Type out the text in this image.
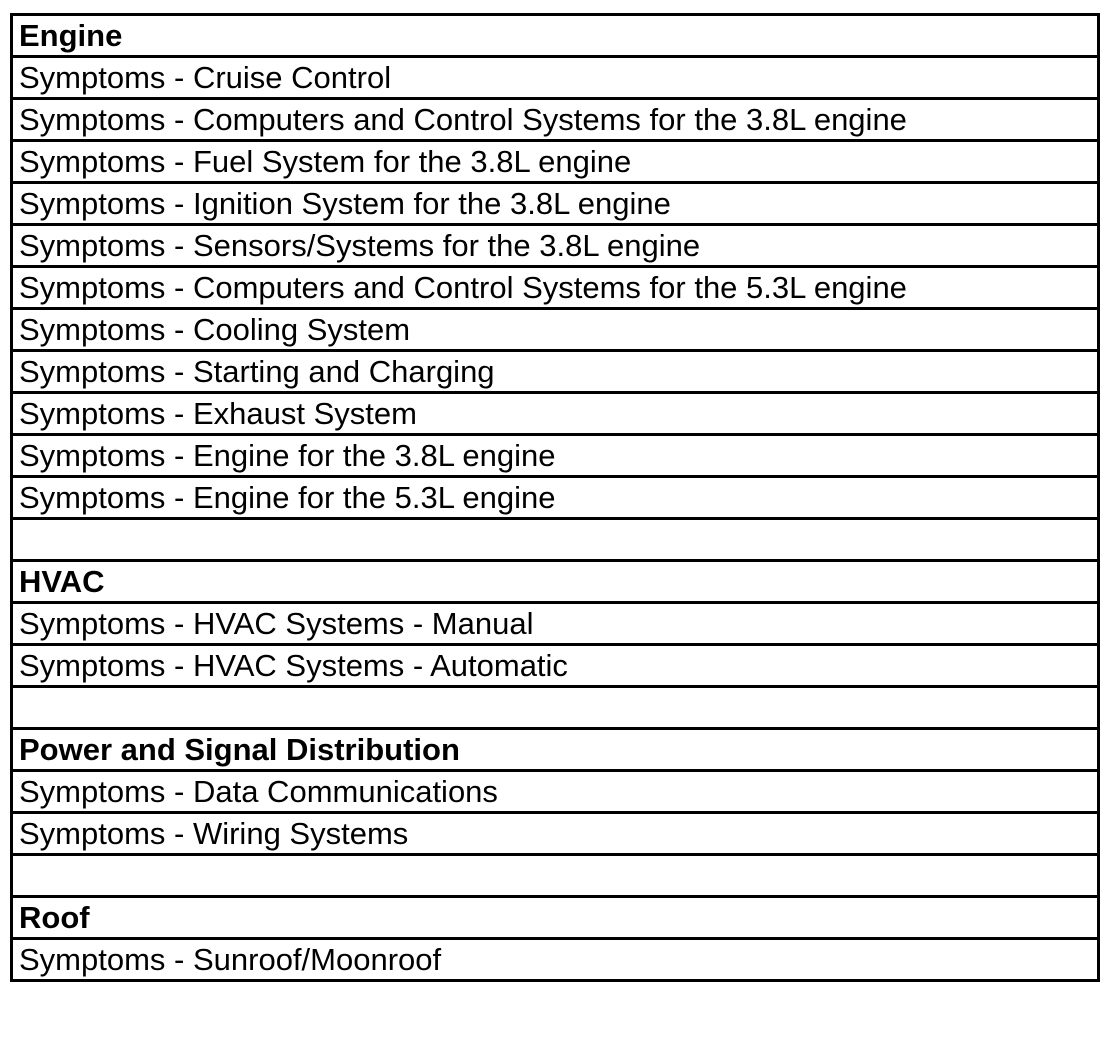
Engine
Symptoms - Cruise Control
Symptoms - Computers and Control Systems for the 3.8L engine
Symptoms - Fuel System for the 3.8L engine
Symptoms - Ignition System for the 3.8L engine
Symptoms - Sensors/Systems for the 3.8L engine
Symptoms - Computers and Control Systems for the 5.3L engine
Symptoms - Cooling System
Symptoms - Starting and Charging
Symptoms - Exhaust System
Symptoms - Engine for the 3.8L engine
Symptoms - Engine for the 5.3L engine

HVAC
Symptoms - HVAC Systems - Manual
Symptoms - HVAC Systems - Automatic

Power and Signal Distribution
Symptoms - Data Communications
Symptoms - Wiring Systems

Roof
Symptoms - Sunroof/Moonroof
